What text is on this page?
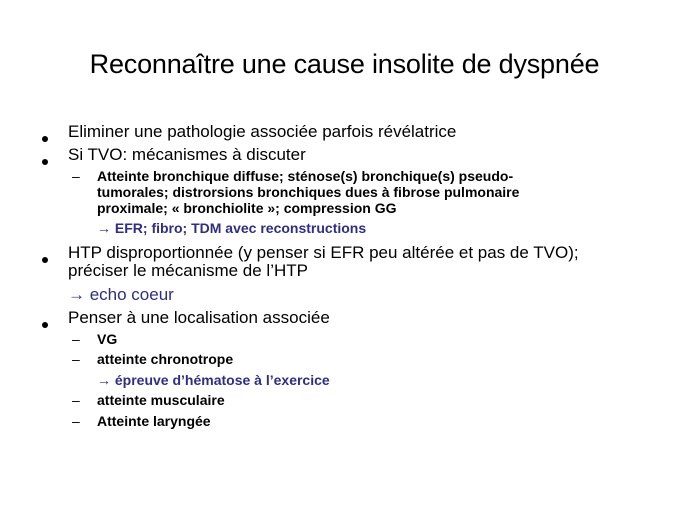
Reconnaître une cause insolite de dyspnée
Eliminer une pathologie associée parfois révélatrice
Si TVO: mécanismes à discuter
– Atteinte bronchique diffuse; sténose(s) bronchique(s) pseudo-
tumorales; distrorsions bronchiques dues à fibrose pulmonaire
proximale; « bronchiolite »; compression GG
→ EFR; fibro; TDM avec reconstructions
HTP disproportionnée (y penser si EFR peu altérée et pas de TVO);
préciser le mécanisme de l’HTP
→ echo coeur
Penser à une localisation associée
– VG
– atteinte chronotrope
→ épreuve d’hématose à l’exercice
– atteinte musculaire
– Atteinte laryngée
